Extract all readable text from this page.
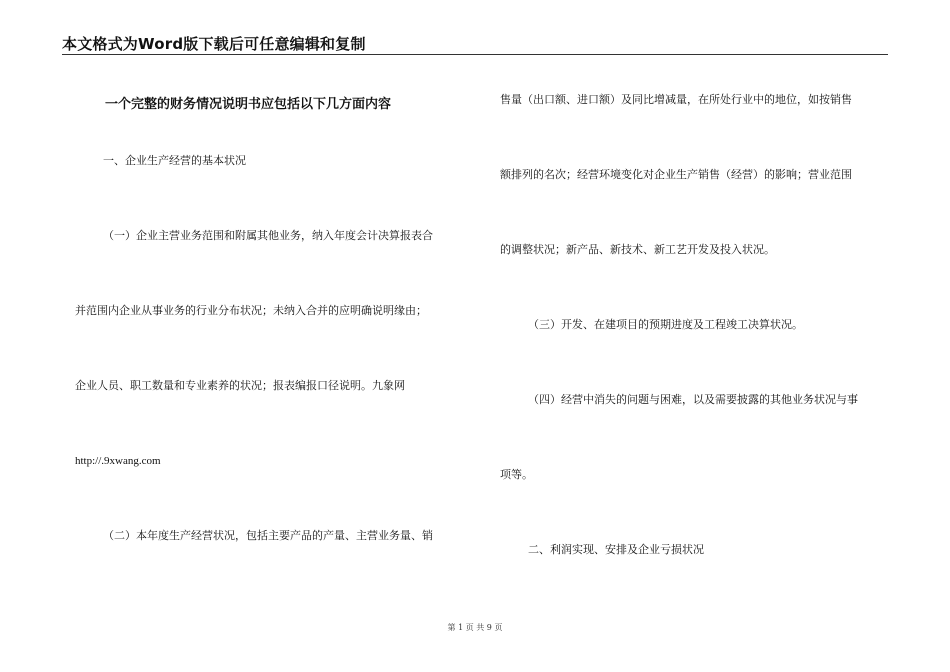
本文格式为Word版下载后可任意编辑和复制
一个完整的财务情况说明书应包括以下几方面内容
一、企业生产经营的基本状况
（一）企业主营业务范围和附属其他业务，纳入年度会计决算报表合
并范围内企业从事业务的行业分布状况；未纳入合并的应明确说明缘由；
企业人员、职工数量和专业素养的状况；报表编报口径说明。九象网
http://.9xwang.com
（二）本年度生产经营状况，包括主要产品的产量、主营业务量、销
售量（出口额、进口额）及同比增减量，在所处行业中的地位，如按销售
额排列的名次；经营环境变化对企业生产销售（经营）的影响；营业范围
的调整状况；新产品、新技术、新工艺开发及投入状况。
（三）开发、在建项目的预期进度及工程竣工决算状况。
（四）经营中消失的问题与困难，以及需要披露的其他业务状况与事
项等。
二、利润实现、安排及企业亏损状况
第 1 页 共 9 页
